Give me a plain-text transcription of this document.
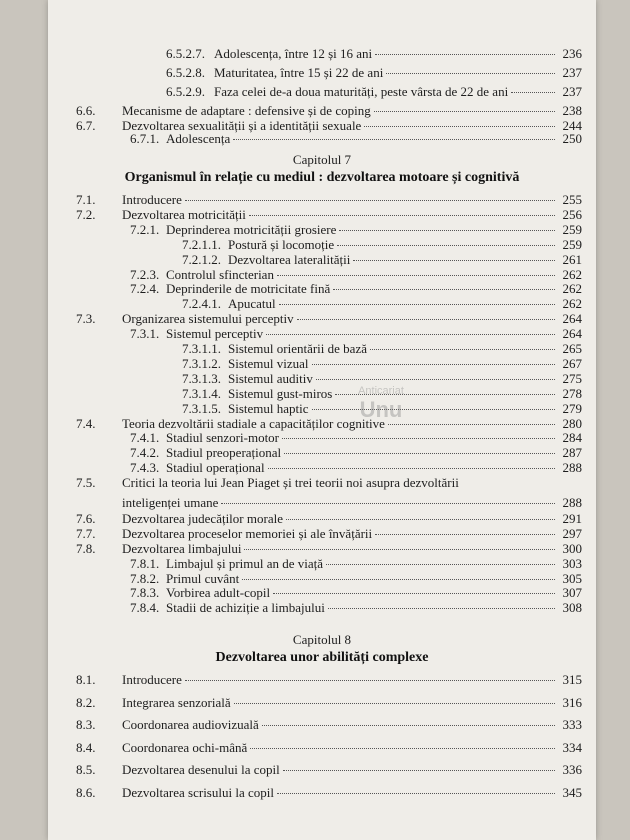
6.5.2.7. Adolescența, între 12 și 16 ani	236
6.5.2.8. Maturitatea, între 15 și 22 de ani	237
6.5.2.9. Faza celei de-a doua maturități, peste vârsta de 22 de ani	237
6.6.	Mecanisme de adaptare : defensive și de coping	238
6.7.	Dezvoltarea sexualității și a identității sexuale	244
6.7.1. Adolescența	250
7.1.	Introducere	255
7.2.	Dezvoltarea motricității	256
7.2.1. Deprinderea motricității grosiere	259
7.2.1.1. Postură și locomoție	259
7.2.1.2. Dezvoltarea lateralității	261
7.2.3. Controlul sfincterian	262
7.2.4. Deprinderile de motricitate fină	262
7.2.4.1. Apucatul	262
7.3.	Organizarea sistemului perceptiv	264
7.3.1. Sistemul perceptiv	264
7.3.1.1. Sistemul orientării de bază	265
7.3.1.2. Sistemul vizual	267
7.3.1.3. Sistemul auditiv	275
7.3.1.4. Sistemul gust-miros	278
7.3.1.5. Sistemul haptic	279
7.4.	Teoria dezvoltării stadiale a capacităților cognitive	280
7.4.1. Stadiul senzori-motor	284
7.4.2. Stadiul preoperațional	287
7.4.3. Stadiul operațional	288
7.5.	Critici la teoria lui Jean Piaget și trei teorii noi asupra dezvoltării
inteligenței umane	288
7.6.	Dezvoltarea judecăților morale	291
7.7.	Dezvoltarea proceselor memoriei și ale învățării	297
7.8.	Dezvoltarea limbajului	300
7.8.1. Limbajul și primul an de viață	303
7.8.2. Primul cuvânt	305
7.8.3. Vorbirea adult-copil	307
7.8.4. Stadii de achiziție a limbajului	308
8.1.	Introducere	315
8.2.	Integrarea senzorială	316
8.3.	Coordonarea audiovizuală	333
8.4.	Coordonarea ochi-mână	334
8.5.	Dezvoltarea desenului la copil	336
8.6.	Dezvoltarea scrisului la copil	345
Capitolul 7
Organismul în relație cu mediul : dezvoltarea motoare și cognitivă
Capitolul 8
Dezvoltarea unor abilități complexe
Anticariat
Unu
